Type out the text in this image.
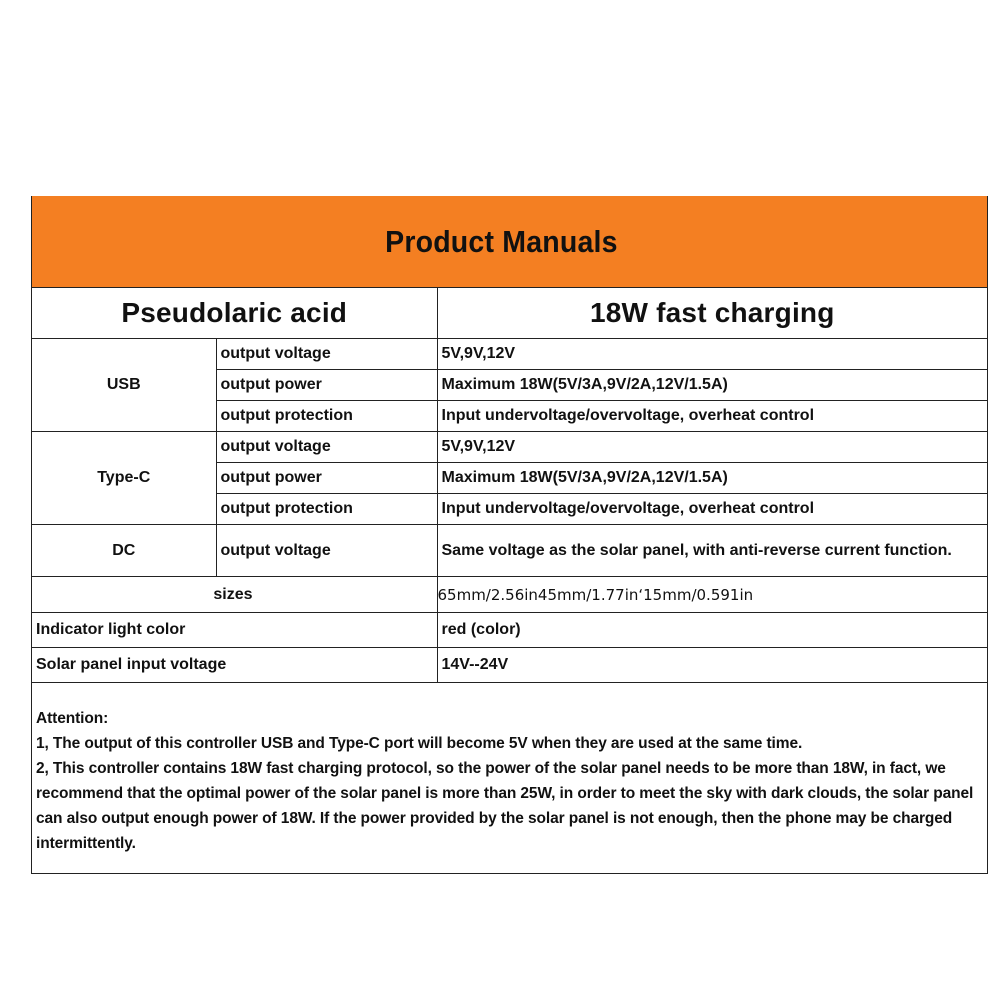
Product Manuals
Pseudolaric acid		18W fast charging
USB	output voltage	5V,9V,12V
	output power	Maximum 18W(5V/3A,9V/2A,12V/1.5A)
	output protection	Input undervoltage/overvoltage, overheat control
Type-C	output voltage	5V,9V,12V
	output power	Maximum 18W(5V/3A,9V/2A,12V/1.5A)
	output protection	Input undervoltage/overvoltage, overheat control
DC	output voltage	Same voltage as the solar panel, with anti-reverse current function.
sizes		65mm/2.56in45mm/1.77in‘15mm/0.591in
Indicator light color		red (color)
Solar panel input voltage		14V--24V

Attention:

1, The output of this controller USB and Type-C port will become 5V when they are used at the same time.

2, This controller contains 18W fast charging protocol, so the power of the solar panel needs to be more than 18W, in fact, we recommend that the optimal power of the solar panel is more than 25W, in order to meet the sky with dark clouds, the solar panel can also output enough power of 18W. If the power provided by the solar panel is not enough, then the phone may be charged intermittently.
